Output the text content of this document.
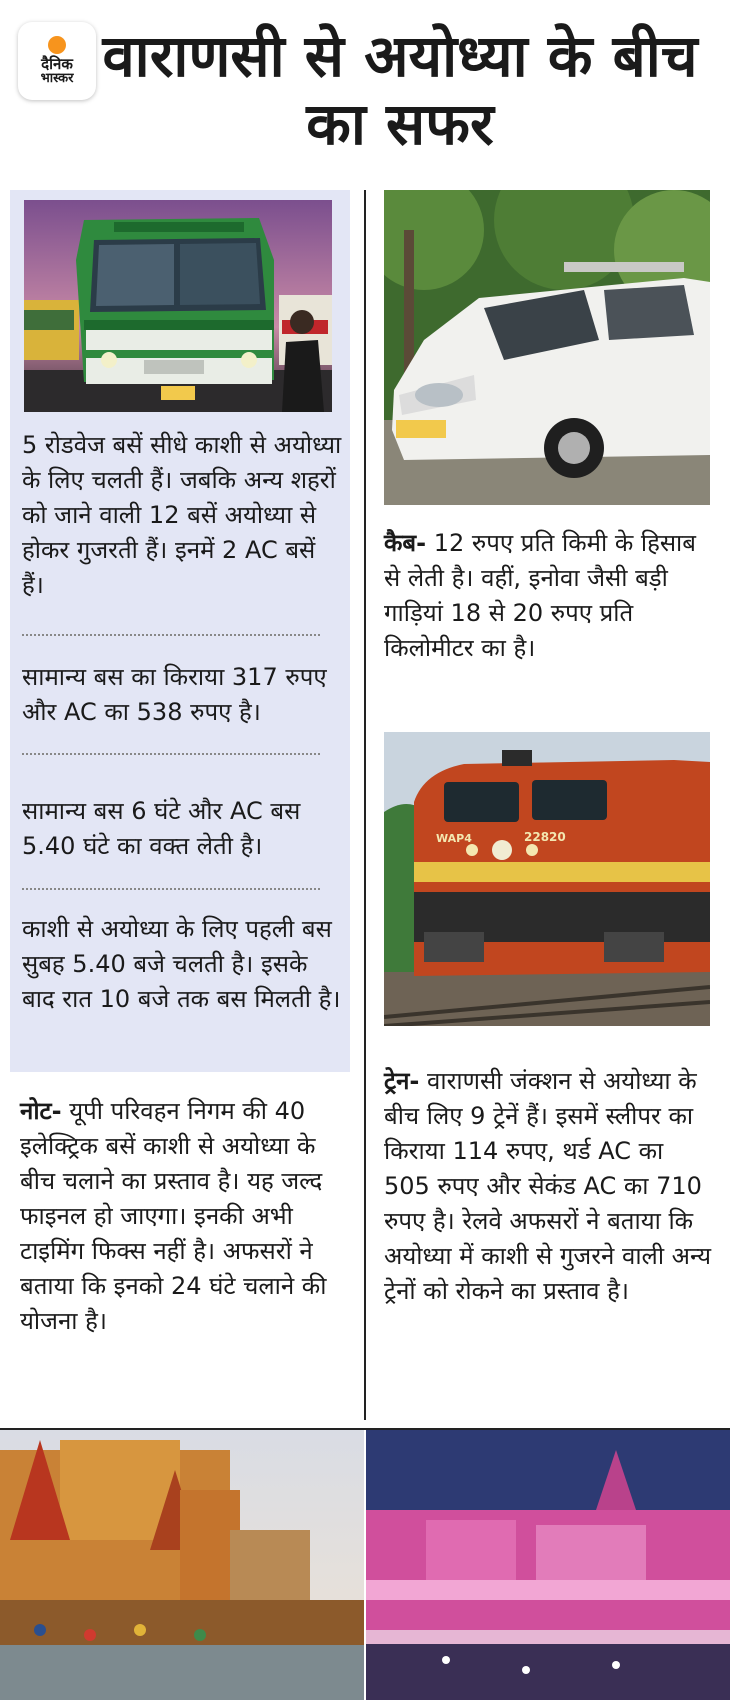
दैनिक
भास्कर वाराणसी से अयोध्या के बीच का सफर
5 रोडवेज बसें सीधे काशी से अयोध्या के लिए चलती हैं। जबकि अन्य शहरों को जाने वाली 12 बसें अयोध्या से होकर गुजरती हैं। इनमें 2 AC बसें हैं।
सामान्य बस का किराया 317 रुपए और AC का 538 रुपए है।
सामान्य बस 6 घंटे और AC बस 5.40 घंटे का वक्त लेती है।
काशी से अयोध्या के लिए पहली बस सुबह 5.40 बजे चलती है। इसके बाद रात 10 बजे तक बस मिलती है।
नोट- यूपी परिवहन निगम की 40 इलेक्ट्रिक बसें काशी से अयोध्या के बीच चलाने का प्रस्ताव है। यह जल्द फाइनल हो जाएगा। इनकी अभी टाइमिंग फिक्स नहीं है। अफसरों ने बताया कि इनको 24 घंटे चलाने की योजना है।
कैब- 12 रुपए प्रति किमी के हिसाब से लेती है। वहीं, इनोवा जैसी बड़ी गाड़ियां 18 से 20 रुपए प्रति किलोमीटर का है।
WAP4	22820
ट्रेन- वाराणसी जंक्शन से अयोध्या के बीच लिए 9 ट्रेनें हैं। इसमें स्लीपर का किराया 114 रुपए, थर्ड AC का 505 रुपए और सेकंड AC का 710 रुपए है। रेलवे अफसरों ने बताया कि अयोध्या में काशी से गुजरने वाली अन्य ट्रेनों को रोकने का प्रस्ताव है।
